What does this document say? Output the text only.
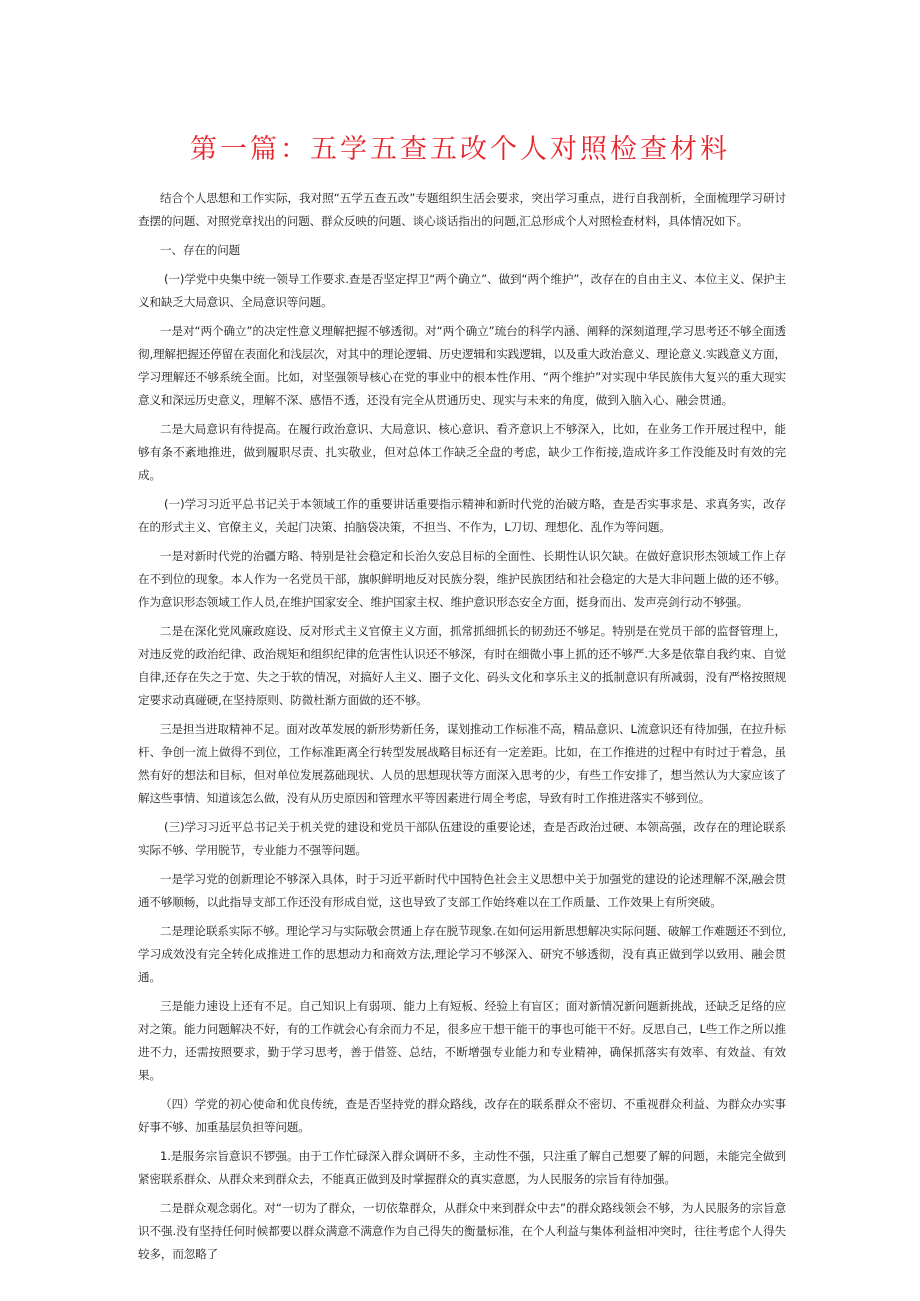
第一篇：五学五查五改个人对照检查材料

结合个人思想和工作实际，我对照“五学五查五改”专题组织生活会要求，突出学习重点，进行自我剖析，全面梳理学习研讨查摆的问题、对照党章找出的问题、群众反映的问题、谈心谈话指出的问题,汇总形成个人对照检查材料，具体情况如下。

一、存在的问题

(一)学党中央集中统一领导工作要求.查是否坚定捍卫“两个确立”、做到“两个维护”，改存在的自由主义、本位主义、保护主义和缺乏大局意识、全局意识等问题。

一是对“两个确立”的决定性意义理解把握不够透彻。对“两个确立”琉台的科学内涵、阐释的深刻道理,学习思考还不够全面透彻,理解把握还停留在表面化和浅层次，对其中的理论逻辑、历史逻辑和实践逻辑，以及重大政治意义、理论意义.实践意义方面，学习理解还不够系统全面。比如，对坚强领导核心在党的事业中的根本性作用、“两个维护”对实现中华民族伟大复兴的重大现实意义和深远历史意义，理解不深、感悟不透，还没有完全从贯通历史、现实与未来的角度，做到入脑入心、融会贯通。

二是大局意识有待提高。在履行政治意识、大局意识、核心意识、看齐意识上不够深入，比如，在业务工作开展过程中，能够有条不紊地推进，做到履职尽责、扎实敬业，但对总体工作缺乏全盘的考虑，缺少工作衔接,造成许多工作没能及时有效的完成。

(一)学习习近平总书记关于本领域工作的重要讲话重要指示精神和新时代党的治破方略，查是否实事求是、求真务实，改存在的形式主义、官僚主义，关起门决策、拍脑袋决策，不担当、不作为，L刀切、理想化、乱作为等问题。

一是对新时代党的治疆方略、特别是社会稳定和长治久安总目标的全面性、长期性认识欠缺。在做好意识形杰领域工作上存在不到位的现象。本人作为一名党员干部，旗帜鲜明地反对民族分裂，维护民族团结和社会稳定的大是大非问题上做的还不够。作为意识形态领域工作人员,在维护国家安全、维护国家主权、维护意识形态安全方面，挺身而出、发声亮剑行动不够强。

二是在深化党风廉政庭设、反对形式主义官僚主义方面，抓常抓细抓长的韧劲还不够足。特别是在党员干部的监督管理上，对违反党的政治纪律、政治规矩和组织纪律的危害性认识还不够深，有时在细微小事上抓的还不够严.大多是依靠自我约束、自觉自律,还存在失之于宽、失之于软的情况，对搞好人主义、圈子文化、码头文化和享乐主义的抵制意识有所减弱，没有严格按照规定要求动真碰硬,在坚持原则、防微杜渐方面做的还不够。

三是担当进取精神不足。面对改革发展的新形势新任务，谋划推动工作标准不高，精品意识、L流意识还有待加强，在拉升标杆、争创一流上做得不到位，工作标准距离全行转型发展战略目标还有一定差距。比如，在工作推进的过程中有时过于着急，虽然有好的想法和目标，但对单位发展荔础现状、人员的思想现状等方面深入思考的少，有些工作安排了，想当然认为大家应该了解这些事情、知道该怎么做，没有从历史原因和管理水平等因素进行周全考虑，导致有时工作推进落实不够到位。

(三)学习习近平总书记关于机关党的建设和党员干部队伍建设的重要论述，查是否政治过硬、本领高强，改存在的理论联系实际不够、学用脱节，专业能力不强等问题。

一是学习党的创新理论不够深入具体，时于习近平新时代中国特色社会主义思想中关于加强党的建设的论述理解不深,融会贯通不够顺畅，以此指导支部工作还没有形成自觉，这也导致了支部工作始终难以在工作质量、工作效果上有所突破。

二是理论联系实际不够。理论学习与实际敬会贯通上存在脱节现象.在如何运用新思想解决实际问题、破解工作难题还不到位,学习成效没有完全转化成推进工作的思想动力和商效方法,理论学习不够深入、研究不够透彻，没有真正做到学以致用、融会贯通。

三是能力速设上还有不足。自己知识上有弱项、能力上有短板、经验上有盲区；面对新情况新问题新挑战，还缺乏足络的应对之策。能力问题解决不好，有的工作就会心有余而力不足，很多应干想干能干的事也可能干不好。反思自己，L些工作之所以推进不力，还需按照要求，勤于学习思考，善于借签、总结，不断增强专业能力和专业精神，确保抓落实有效率、有效益、有效果。

（四）学党的初心使命和优良传统，查是否坚持党的群众路线，改存在的联系群众不密切、不重视群众利益、为群众办实事好事不够、加重基层负担等问题。

1.是服务宗旨意识不锣强。由于工作忙碌深入群众调研不多，主动性不强，只注重了解自己想要了解的问题，未能完全做到紧密联系群众、从群众来到群众去，不能真正做到及时掌握群众的真实意愿，为人民服务的宗旨有待加强。

二是群众观念弱化。对“一切为了群众，一切依靠群众，从群众中来到群众中去”的群众路线领会不够，为人民服务的宗旨意识不强.没有坚持任何时候都要以群众满意不满意作为自己得失的衡量标准，在个人利益与集体利益相冲突时，往往考虑个人得失较多，而忽略了
